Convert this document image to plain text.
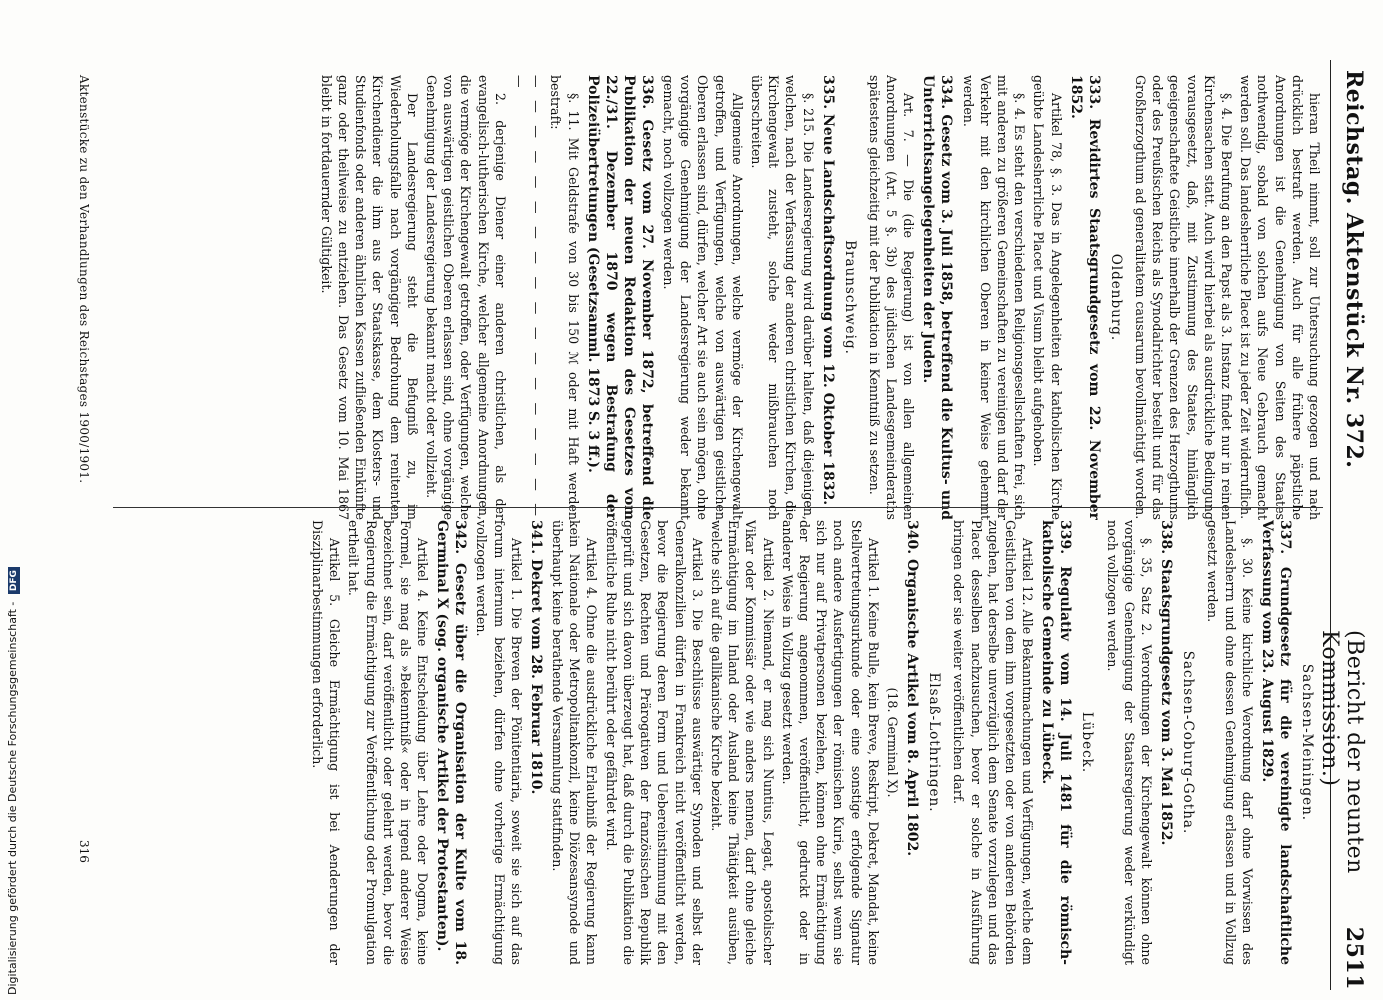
Reichstag. Aktenstück Nr. 372.
2511
(Bericht der neunten Kommission.)

hieran Theil nimmt, soll zur Untersuchung gezogen und nach drücklich bestraft werden. Auch für alle frühere päpstliche Anordnungen ist die Genehmigung von Seiten des Staates nothwendig, sobald von solchen aufs Neue Gebrauch gemacht werden soll. Das landesherrliche Placet ist zu jeder Zeit widerruflich.

§. 4. Die Berufung an den Papst als 3. Instanz findet nur in reinen Kirchensachen statt. Auch wird hierbei als ausdrückliche Bedingung vorausgesetzt, daß, mit Zustimmung des Staates, hinlänglich geeigenschaftete Geistliche innerhalb der Grenzen des Herzogthums oder des Preußischen Reichs als Synodalrichter bestellt und für das Großherzogthum ad generalitatem causarum bevollmächtigt worden.

Oldenburg.

333. Revidirtes Staatsgrundgesetz vom 22. November 1852.

Artikel 78, §. 3. Das in Angelegenheiten der katholischen Kirche geübte Landesherrliche Placet und Visum bleibt aufgehoben.

§. 4. Es steht den verschiedenen Religionsgesellschaften frei, sich mit anderen zu größeren Gemeinschaften zu vereinigen und darf der Verkehr mit den kirchlichen Oberen in keiner Weise gehemmt werden.

334. Gesetz vom 3. Juli 1858, betreffend die Kultus- und Unterrichtsangelegenheiten der Juden.

Art. 7. — Die (die Regierung) ist von allen allgemeinen Anordnungen (Art. 5 §. 3b) des jüdischen Landesgemeinderaths spätestens gleichzeitig mit der Publikation in Kenntniß zu setzen.

Braunschweig.

335. Neue Landschaftsordnung vom 12. Oktober 1832.

§. 215. Die Landesregierung wird darüber halten, daß diejenigen, welchen, nach der Verfassung der anderen christlichen Kirchen, die Kirchengewalt zusteht, solche weder mißbrauchen noch überschreiten.

Allgemeine Anordnungen, welche vermöge der Kirchengewalt getroffen, und Verfügungen, welche von auswärtigen geistlichen Oberen erlassen sind, dürfen, welcher Art sie auch sein mögen, ohne vorgängige Genehmigung der Landesregierung weder bekannt gemacht, noch vollzogen werden.

336. Gesetz vom 27. November 1872, betreffend die Publikation der neuen Redaktion des Gesetzes vom 22./31. Dezember 1870 wegen Bestrafung der Polizeiübertretungen (Gesetzsamml. 1873 S. 3 ff.).

§. 11. Mit Geldstrafe von 30 bis 150 ℳ oder mit Haft werden bestraft:

— — — — — — — — — — — — — — — — — — —

2. derjenige Diener einer anderen christlichen, als der evangelisch-lutherischen Kirche, welcher allgemeine Anordnungen, die vermöge der Kirchengewalt getroffen, oder Verfügungen, welche von auswärtigen geistlichen Oberen erlassen sind, ohne vorgängige Genehmigung der Landesregierung bekannt macht oder vollzieht.

Der Landesregierung steht die Befugniß zu, im Wiederholungsfalle nach vorgängiger Bedrohung dem renitenten Kirchendiener die ihm aus der Staatskasse, dem Klosters- und Studienfonds oder anderen ähnlichen Kassen zufließenden Einkünfte ganz oder theilweise zu entziehen. Das Gesetz vom 10. Mai 1867 bleibt in fortdauernder Gültigkeit.

Sachsen-Meiningen.

337. Grundgesetz für die vereinigte landschaftliche Verfassung vom 23. August 1829.

§. 30. Keine kirchliche Verordnung darf ohne Vorwissen des Landesherrn und ohne dessen Genehmigung erlassen und in Vollzug gesetzt werden.

Sachsen-Coburg-Gotha.

338. Staatsgrundgesetz vom 3. Mai 1852.

§. 35, Satz 2. Verordnungen der Kirchengewalt können ohne vorgängige Genehmigung der Staatsregierung weder verkündigt noch vollzogen werden.

Lübeck.

339. Regulativ vom 14. Juli 1481 für die römisch-katholische Gemeinde zu Lübeck.

Artikel 12. Alle Bekanntmachungen und Verfügungen, welche dem Geistlichen von dem ihm vorgesetzten oder von anderen Behörden zugehen, hat derselbe unverzüglich dem Senate vorzulegen und das Placet desselben nachzusuchen, bevor er solche in Ausführung bringen oder sie weiter veröffentlichen darf.

Elsaß-Lothringen.

340. Organische Artikel vom 8. April 1802.

(18. Germinal X).

Artikel 1. Keine Bulle, kein Breve, Reskript, Dekret, Mandat, keine Stellvertretungsurkunde oder eine sonstige erfolgende Signatur noch andere Ausfertigungen der römischen Kurie, selbst wenn sie sich nur auf Privatpersonen beziehen, können ohne Ermächtigung der Regierung angenommen, veröffentlicht, gedruckt oder in anderer Weise in Vollzug gesetzt werden.

Artikel 2. Niemand, er mag sich Nuntius, Legat, apostolischer Vikar oder Kommissär oder wie anders nennen, darf ohne gleiche Ermächtigung im Inland oder Ausland keine Thätigkeit ausüben, welche sich auf die gallikanische Kirche bezieht.

Artikel 3. Die Beschlüsse auswärtiger Synoden und selbst der Generalkonzilien dürfen in Frankreich nicht veröffentlicht werden, bevor die Regierung deren Form und Uebereinstimmung mit den Gesetzen, Rechten und Prärogativen der französischen Republik geprüft und sich davon überzeugt hat, daß durch die Publikation die öffentliche Ruhe nicht berührt oder gefährdet wird.

Artikel 4. Ohne die ausdrückliche Erlaubniß der Regierung kann kein Nationale oder Metropolitankonzil, keine Diözesansynode und überhaupt keine berathende Versammlung stattfinden.

341. Dekret vom 28. Februar 1810.

Artikel 1. Die Breven der Pönitentiaria, soweit sie sich auf das forum internum beziehen, dürfen ohne vorherige Ermächtigung vollzogen werden.

342. Gesetz über die Organisation der Kulte vom 18. Germinal X (sog. organische Artikel der Protestanten).

Artikel 4. Keine Entscheidung über Lehre oder Dogma, keine Formel, sie mag als »Bekenntniß« oder in irgend anderer Weise bezeichnet sein, darf veröffentlicht oder gelehrt werden, bevor die Regierung die Ermächtigung zur Veröffentlichung oder Promulgation ertheilt hat.

Artikel 5. Gleiche Ermächtigung ist bei Aenderungen der Disziplinarbestimmungen erforderlich.

Aktenstücke zu den Verhandlungen des Reichstages 1900/1901.
316
Digitalisierung gefördert durch die Deutsche Forschungsgemeinschaft - DFG
